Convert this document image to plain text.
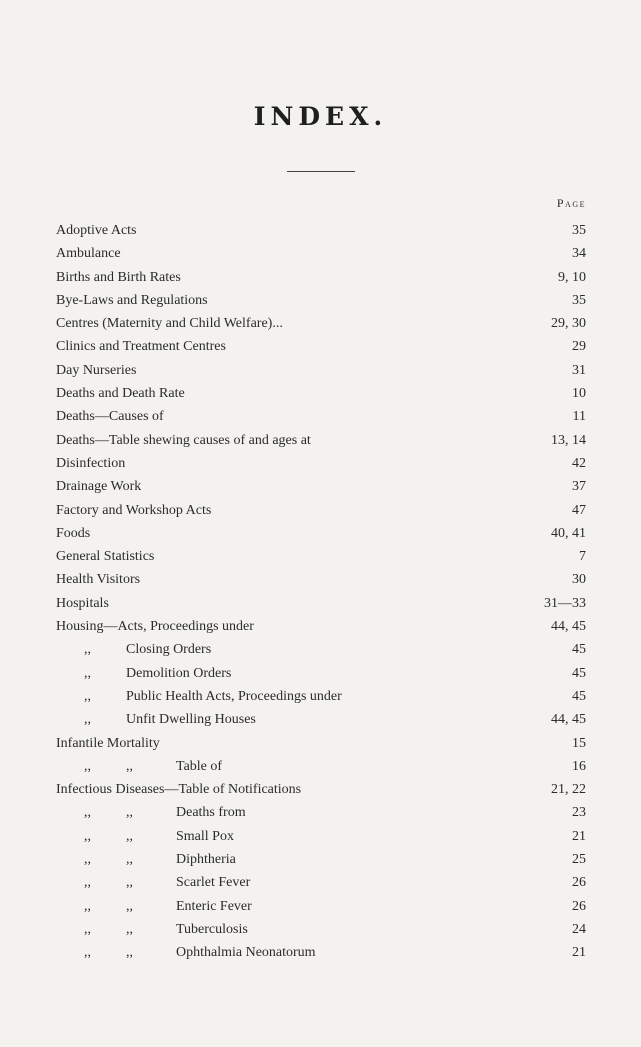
INDEX.
Page
Adoptive Acts	35
Ambulance	34
Births and Birth Rates	9, 10
Bye-Laws and Regulations	35
Centres (Maternity and Child Welfare)...	29, 30
Clinics and Treatment Centres	29
Day Nurseries	31
Deaths and Death Rate	10
Deaths—Causes of	11
Deaths—Table shewing causes of and ages at	13, 14
Disinfection	42
Drainage Work	37
Factory and Workshop Acts	47
Foods	40, 41
General Statistics	7
Health Visitors	30
Hospitals	31—33
Housing—Acts, Proceedings under	44, 45
,,	Closing Orders	45
,,	Demolition Orders	45
,,	Public Health Acts, Proceedings under	45
,,	Unfit Dwelling Houses	44, 45
Infantile Mortality	15
,,	,,	Table of	16
Infectious Diseases—Table of Notifications	21, 22
,,	,,	Deaths from	23
,,	,,	Small Pox	21
,,	,,	Diphtheria	25
,,	,,	Scarlet Fever	26
,,	,,	Enteric Fever	26
,,	,,	Tuberculosis	24
,,	,,	Ophthalmia Neonatorum	21
